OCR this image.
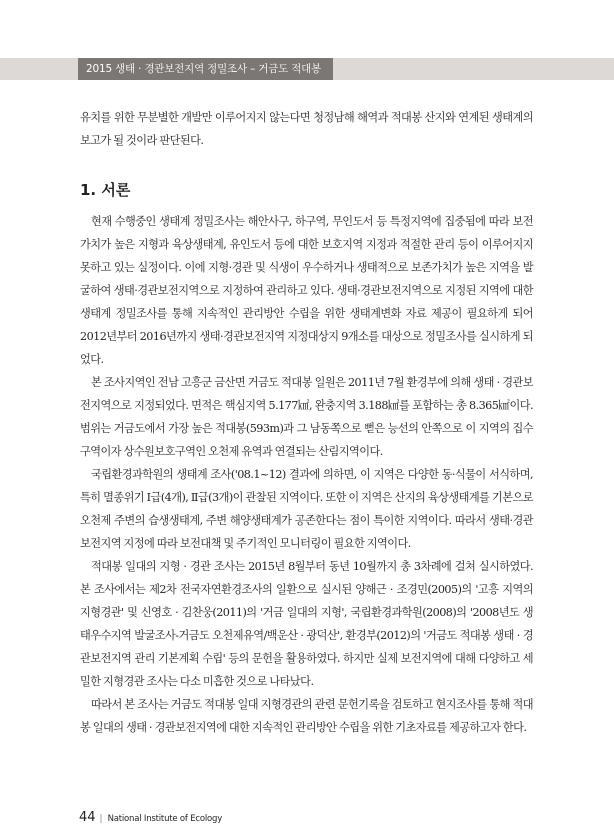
2015 생태 · 경관보전지역 정밀조사 – 거금도 적대봉

유치를 위한 무분별한 개발만 이루어지지 않는다면 청정남해 해역과 적대봉 산지와 연계된 생태계의 보고가 될 것이라 판단된다.

1. 서론

현재 수행중인 생태계 정밀조사는 해안사구, 하구역, 무인도서 등 특정지역에 집중됨에 따라 보전가치가 높은 지형과 육상생태계, 유인도서 등에 대한 보호지역 지정과 적절한 관리 등이 이루어지지 못하고 있는 실정이다. 이에 지형·경관 및 식생이 우수하거나 생태적으로 보존가치가 높은 지역을 발굴하여 생태·경관보전지역으로 지정하여 관리하고 있다. 생태·경관보전지역으로 지정된 지역에 대한 생태계 정밀조사를 통해 지속적인 관리방안 수립을 위한 생태계변화 자료 제공이 필요하게 되어 2012년부터 2016년까지 생태·경관보전지역 지정대상지 9개소를 대상으로 정밀조사를 실시하게 되었다.

본 조사지역인 전남 고흥군 금산면 거금도 적대봉 일원은 2011년 7월 환경부에 의해 생태 · 경관보전지역으로 지정되었다. 면적은 핵심지역 5.177㎢, 완충지역 3.188㎢를 포함하는 총 8.365㎢이다. 범위는 거금도에서 가장 높은 적대봉(593m)과 그 남동쪽으로 뻗은 능선의 안쪽으로 이 지역의 집수구역이자 상수원보호구역인 오천제 유역과 연결되는 산림지역이다.

국립환경과학원의 생태계 조사('08.1~12) 결과에 의하면, 이 지역은 다양한 동·식물이 서식하며, 특히 멸종위기 Ⅰ급(4개), Ⅱ급(3개)이 관찰된 지역이다. 또한 이 지역은 산지의 육상생태계를 기본으로 오천제 주변의 습생생태계, 주변 해양생태계가 공존한다는 점이 특이한 지역이다. 따라서 생태·경관보전지역 지정에 따라 보전대책 및 주기적인 모니터링이 필요한 지역이다.

적대봉 일대의 지형 · 경관 조사는 2015년 8월부터 동년 10월까지 총 3차례에 걸쳐 실시하였다. 본 조사에서는 제2차 전국자연환경조사의 일환으로 실시된 양해근 · 조경민(2005)의 '고흥 지역의 지형경관' 및 신영호 · 김찬웅(2011)의 '거금 일대의 지형', 국립환경과학원(2008)의 '2008년도 생태우수지역 발굴조사-거금도 오천제유역/백운산 · 광덕산', 환경부(2012)의 '거금도 적대봉 생태 · 경관보전지역 관리 기본계획 수립' 등의 문헌을 활용하였다. 하지만 실제 보전지역에 대해 다양하고 세밀한 지형경관 조사는 다소 미흡한 것으로 나타났다.

따라서 본 조사는 거금도 적대봉 일대 지형경관의 관련 문헌기록을 검토하고 현지조사를 통해 적대봉 일대의 생태 · 경관보전지역에 대한 지속적인 관리방안 수립을 위한 기초자료를 제공하고자 한다.

44 | National Institute of Ecology
